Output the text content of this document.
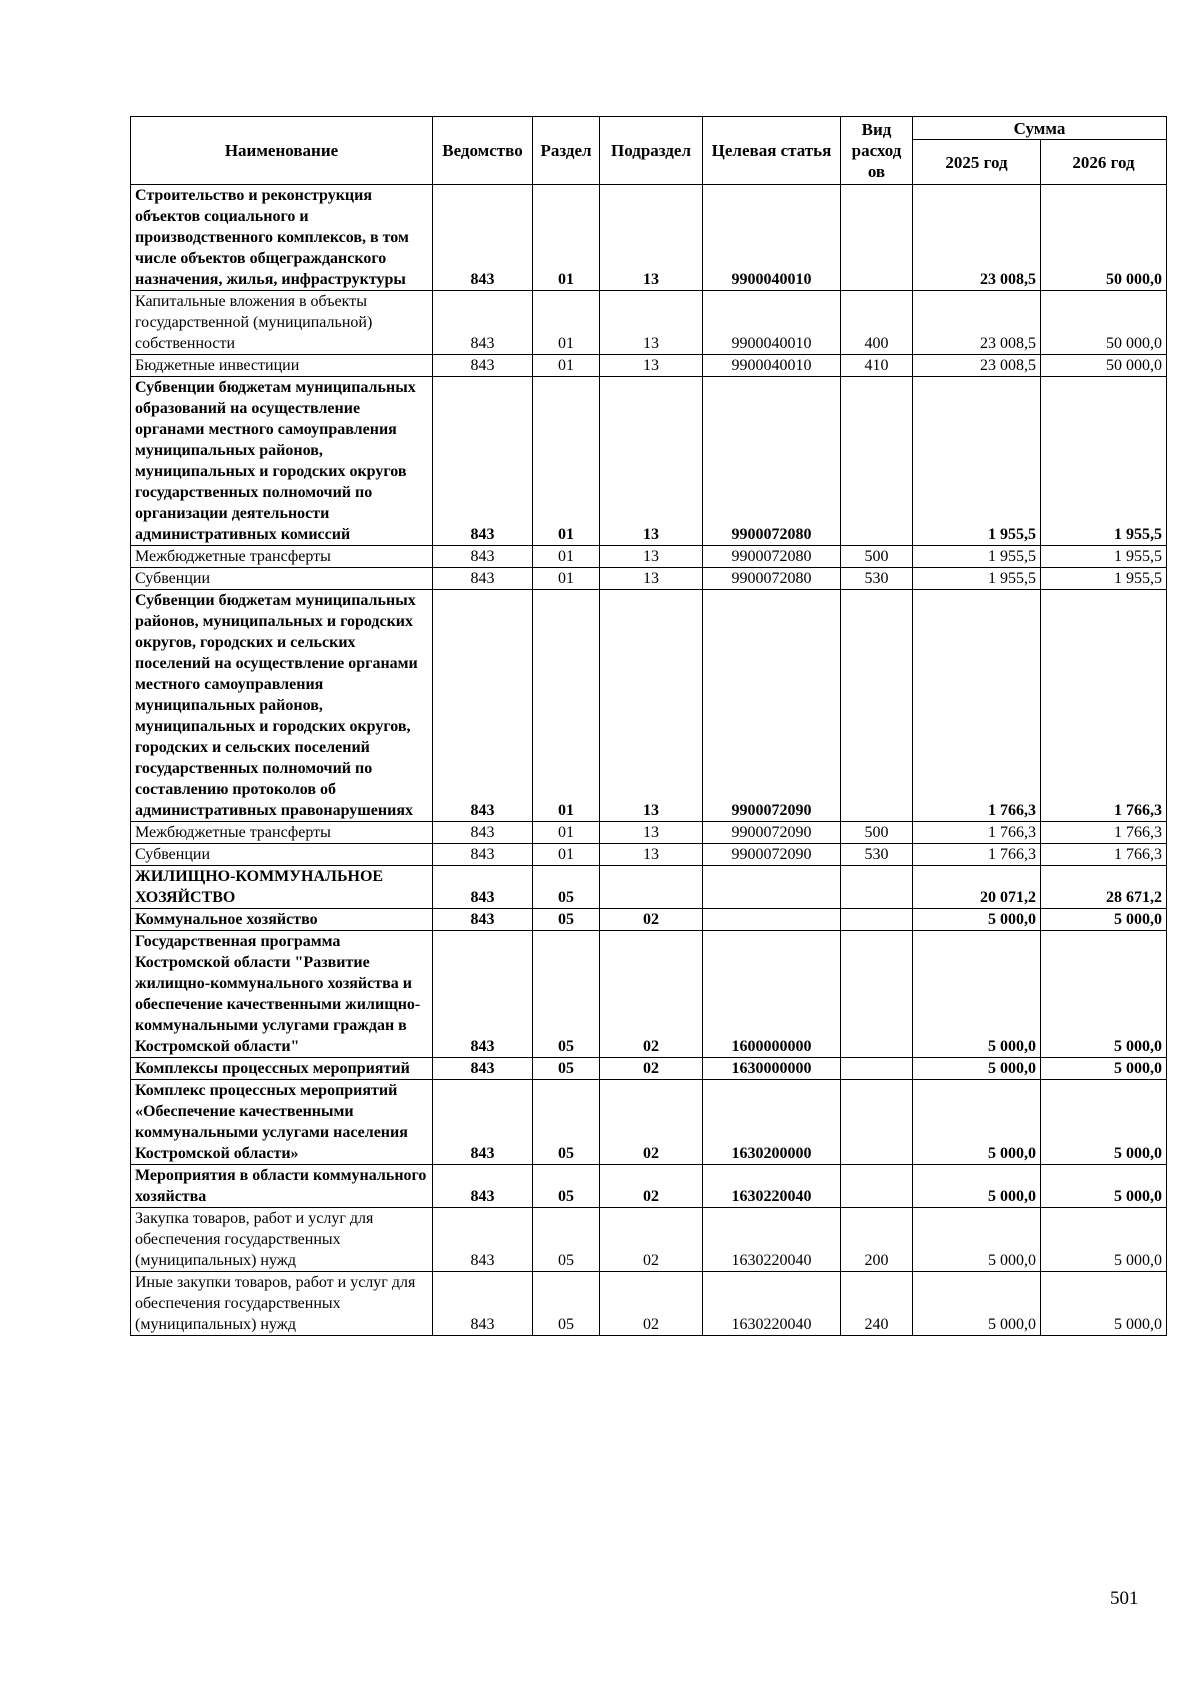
Наименование	Ведомство	Раздел	Подраздел	Целевая статья	Вид расход ов	Сумма	
						2025 год	2026 год
Строительство и реконструкция объектов социального и производственного комплексов, в том числе объектов общегражданского назначения, жилья, инфраструктуры	843	01	13	9900040010		23 008,5	50 000,0
Капитальные вложения в объекты государственной (муниципальной) собственности	843	01	13	9900040010	400	23 008,5	50 000,0
Бюджетные инвестиции	843	01	13	9900040010	410	23 008,5	50 000,0
Субвенции бюджетам муниципальных образований на осуществление органами местного самоуправления муниципальных районов, муниципальных и городских округов государственных полномочий по организации деятельности административных комиссий	843	01	13	9900072080		1 955,5	1 955,5
Межбюджетные трансферты	843	01	13	9900072080	500	1 955,5	1 955,5
Субвенции	843	01	13	9900072080	530	1 955,5	1 955,5
Субвенции бюджетам муниципальных районов, муниципальных и городских округов, городских и сельских поселений на осуществление органами местного самоуправления муниципальных районов, муниципальных и городских округов, городских и сельских поселений государственных полномочий по составлению протоколов об административных правонарушениях	843	01	13	9900072090		1 766,3	1 766,3
Межбюджетные трансферты	843	01	13	9900072090	500	1 766,3	1 766,3
Субвенции	843	01	13	9900072090	530	1 766,3	1 766,3
ЖИЛИЩНО-КОММУНАЛЬНОЕ ХОЗЯЙСТВО	843	05				20 071,2	28 671,2
Коммунальное хозяйство	843	05	02			5 000,0	5 000,0
Государственная программа Костромской области "Развитие жилищно-коммунального хозяйства и обеспечение качественными жилищно-коммунальными услугами граждан в Костромской области"	843	05	02	1600000000		5 000,0	5 000,0
Комплексы процессных мероприятий	843	05	02	1630000000		5 000,0	5 000,0
Комплекс процессных мероприятий «Обеспечение качественными коммунальными услугами населения Костромской области»	843	05	02	1630200000		5 000,0	5 000,0
Мероприятия в области коммунального хозяйства	843	05	02	1630220040		5 000,0	5 000,0
Закупка товаров, работ и услуг для обеспечения государственных (муниципальных) нужд	843	05	02	1630220040	200	5 000,0	5 000,0
Иные закупки товаров, работ и услуг для обеспечения государственных (муниципальных) нужд	843	05	02	1630220040	240	5 000,0	5 000,0
501
